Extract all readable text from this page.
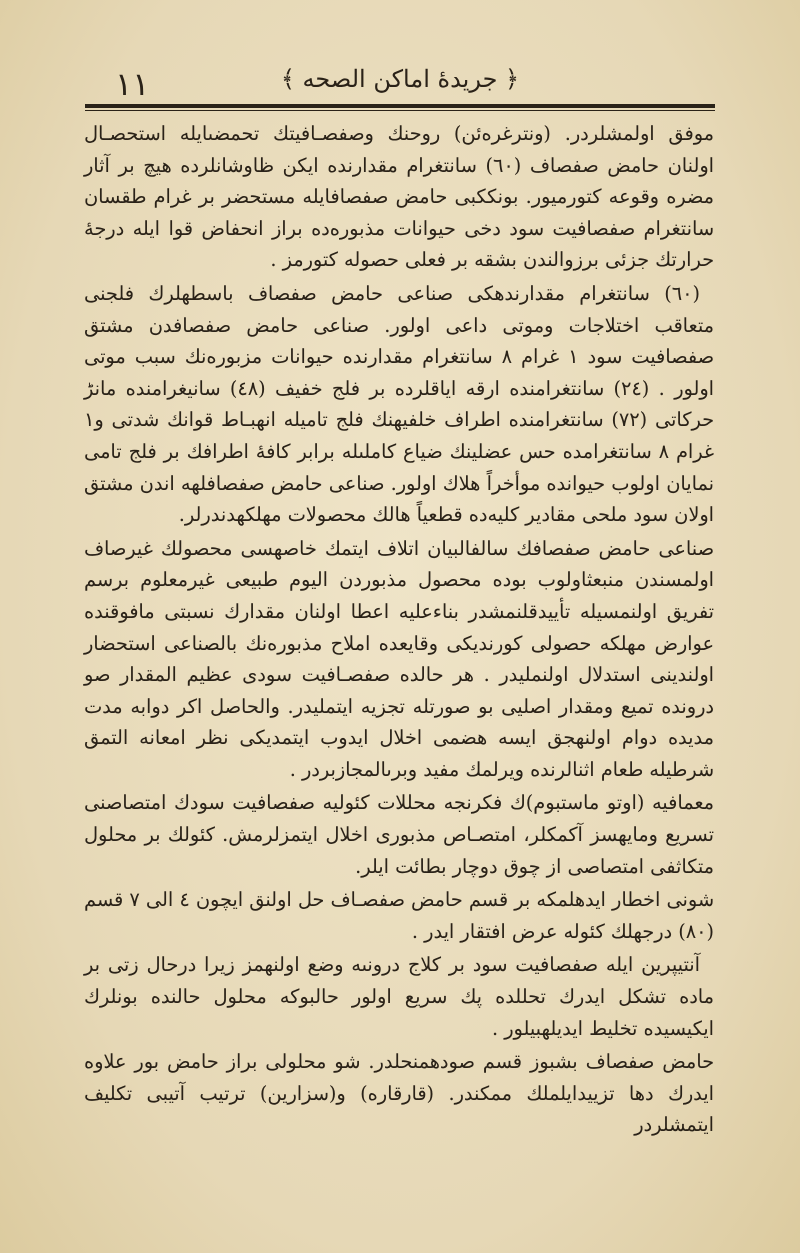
١١	﴿ جريدهٔ اماكن الصحه ﴾

موفق اولمشلردر. (ونترغرەئن) روحنك وصفصـافيتك تحمضىايله استحصـال اولنان حامض صفصاف (٦٠) سانتغرام مقدارنده ايكن ظاوشانلرده هيچ بر آثار مضره وقوعه كتورميور. بونككبى حامض صفصافايله مستحضر بر غرام طقسان سانتغرام صفصافيت سود دخى حيوانات مذبورەده براز انحفاض قوا ايله درجهٔ حرارتك جزئى برزوالندن بشقه بر فعلى حصوله كتورمز .

(٦٠) سانتغرام مقدارندهكى صناعى حامض صفصاف باسطهلرك فلجنى متعاقب اختلاجات وموتى داعى اولور. صناعى حامض صفصافدن مشتق صفصافيت سود ١ غرام ٨ سانتغرام مقدارنده حيوانات مزبورەنك سبب موتى اولور . (٢٤) سانتغرامنده ارقه اياقلرده بر فلج خفيف (٤٨) سانيغرامنده مانڑ حركاتى (٧٢) سانتغرامنده اطراف خلفيهنك فلج تاميله انهبـاط قوانك شدتى و١ غرام ٨ سانتغرامده حس عضلينك ضياع كاملىله برابر كافهٔ اطرافك بر فلج تامى نمايان اولوب حيوانده موأخراً هلاك اولور. صناعى حامض صفصافلهه اندن مشتق اولان سود ملحى مقادير كليەده قطعياً هالك محصولات مهلكهدندرلر.

صناعى حامض صفصافك سالفالبيان اتلاف ايتمك خاصهسى محصولك غيرصاف اولمسندن منبعثاولوب بوده محصول مذبوردن اليوم طبيعى غيرمعلوم برسم تفريق اولنمسيله تأييدقلنمشدر بناءعليه اعطا اولنان مقدارك نسبتى مافوقنده عوارض مهلكه حصولى كورنديكى وقايعده املاح مذبورەنك بالصناعى استحضار اولندينى استدلال اولنمليدر . هر حالده صفصـافيت سودى عظيم المقدار صو درونده تميع ومقدار اصليى بو صورتله تجزيه ايتمليدر. والحاصل اكر دوابه مدت مديده دوام اولنهجق ايسه هضمى اخلال ايدوب ايتمديكى نظر امعانه التمق شرطيله طعام اثنالرنده ويرلمك مفيد وبرىالمجازبردر .

معمافيه (اوتو ماستبوم)ك فكرنجه محللات كئوليه صفصافيت سودك امتصاصنى تسريع ومايهسز آكمكلر، امتصـاص مذبورى اخلال ايتمزلرمش. كئولك بر محلول متكاثفى امتصاصى از چوق دوچار بطائت ايلر.

شونى اخطار ايدهلمكه بر قسم حامض صفصـاف حل اولنق ايچون ٤ الى ٧ قسم (٨٠) درجهلك كئوله عرض افتقار ايدر .

آنتيپرين ايله صفصافيت سود بر كلاج درونىه وضع اولنهمز زيرا درحال زتى بر ماده تشكل ايدرك تحللده پك سريع اولور حالبوكه محلول حالنده بونلرك ايكيسيده تخليط ايديلهبيلور .

حامض صفصاف بشبوز قسم صودهمنحلدر. شو محلولى براز حامض بور علاوه ايدرك دها تزييدايلملك ممكندر. (قارقاره) و(سزارين) ترتيب آتيبى تكليف ايتمشلردر
